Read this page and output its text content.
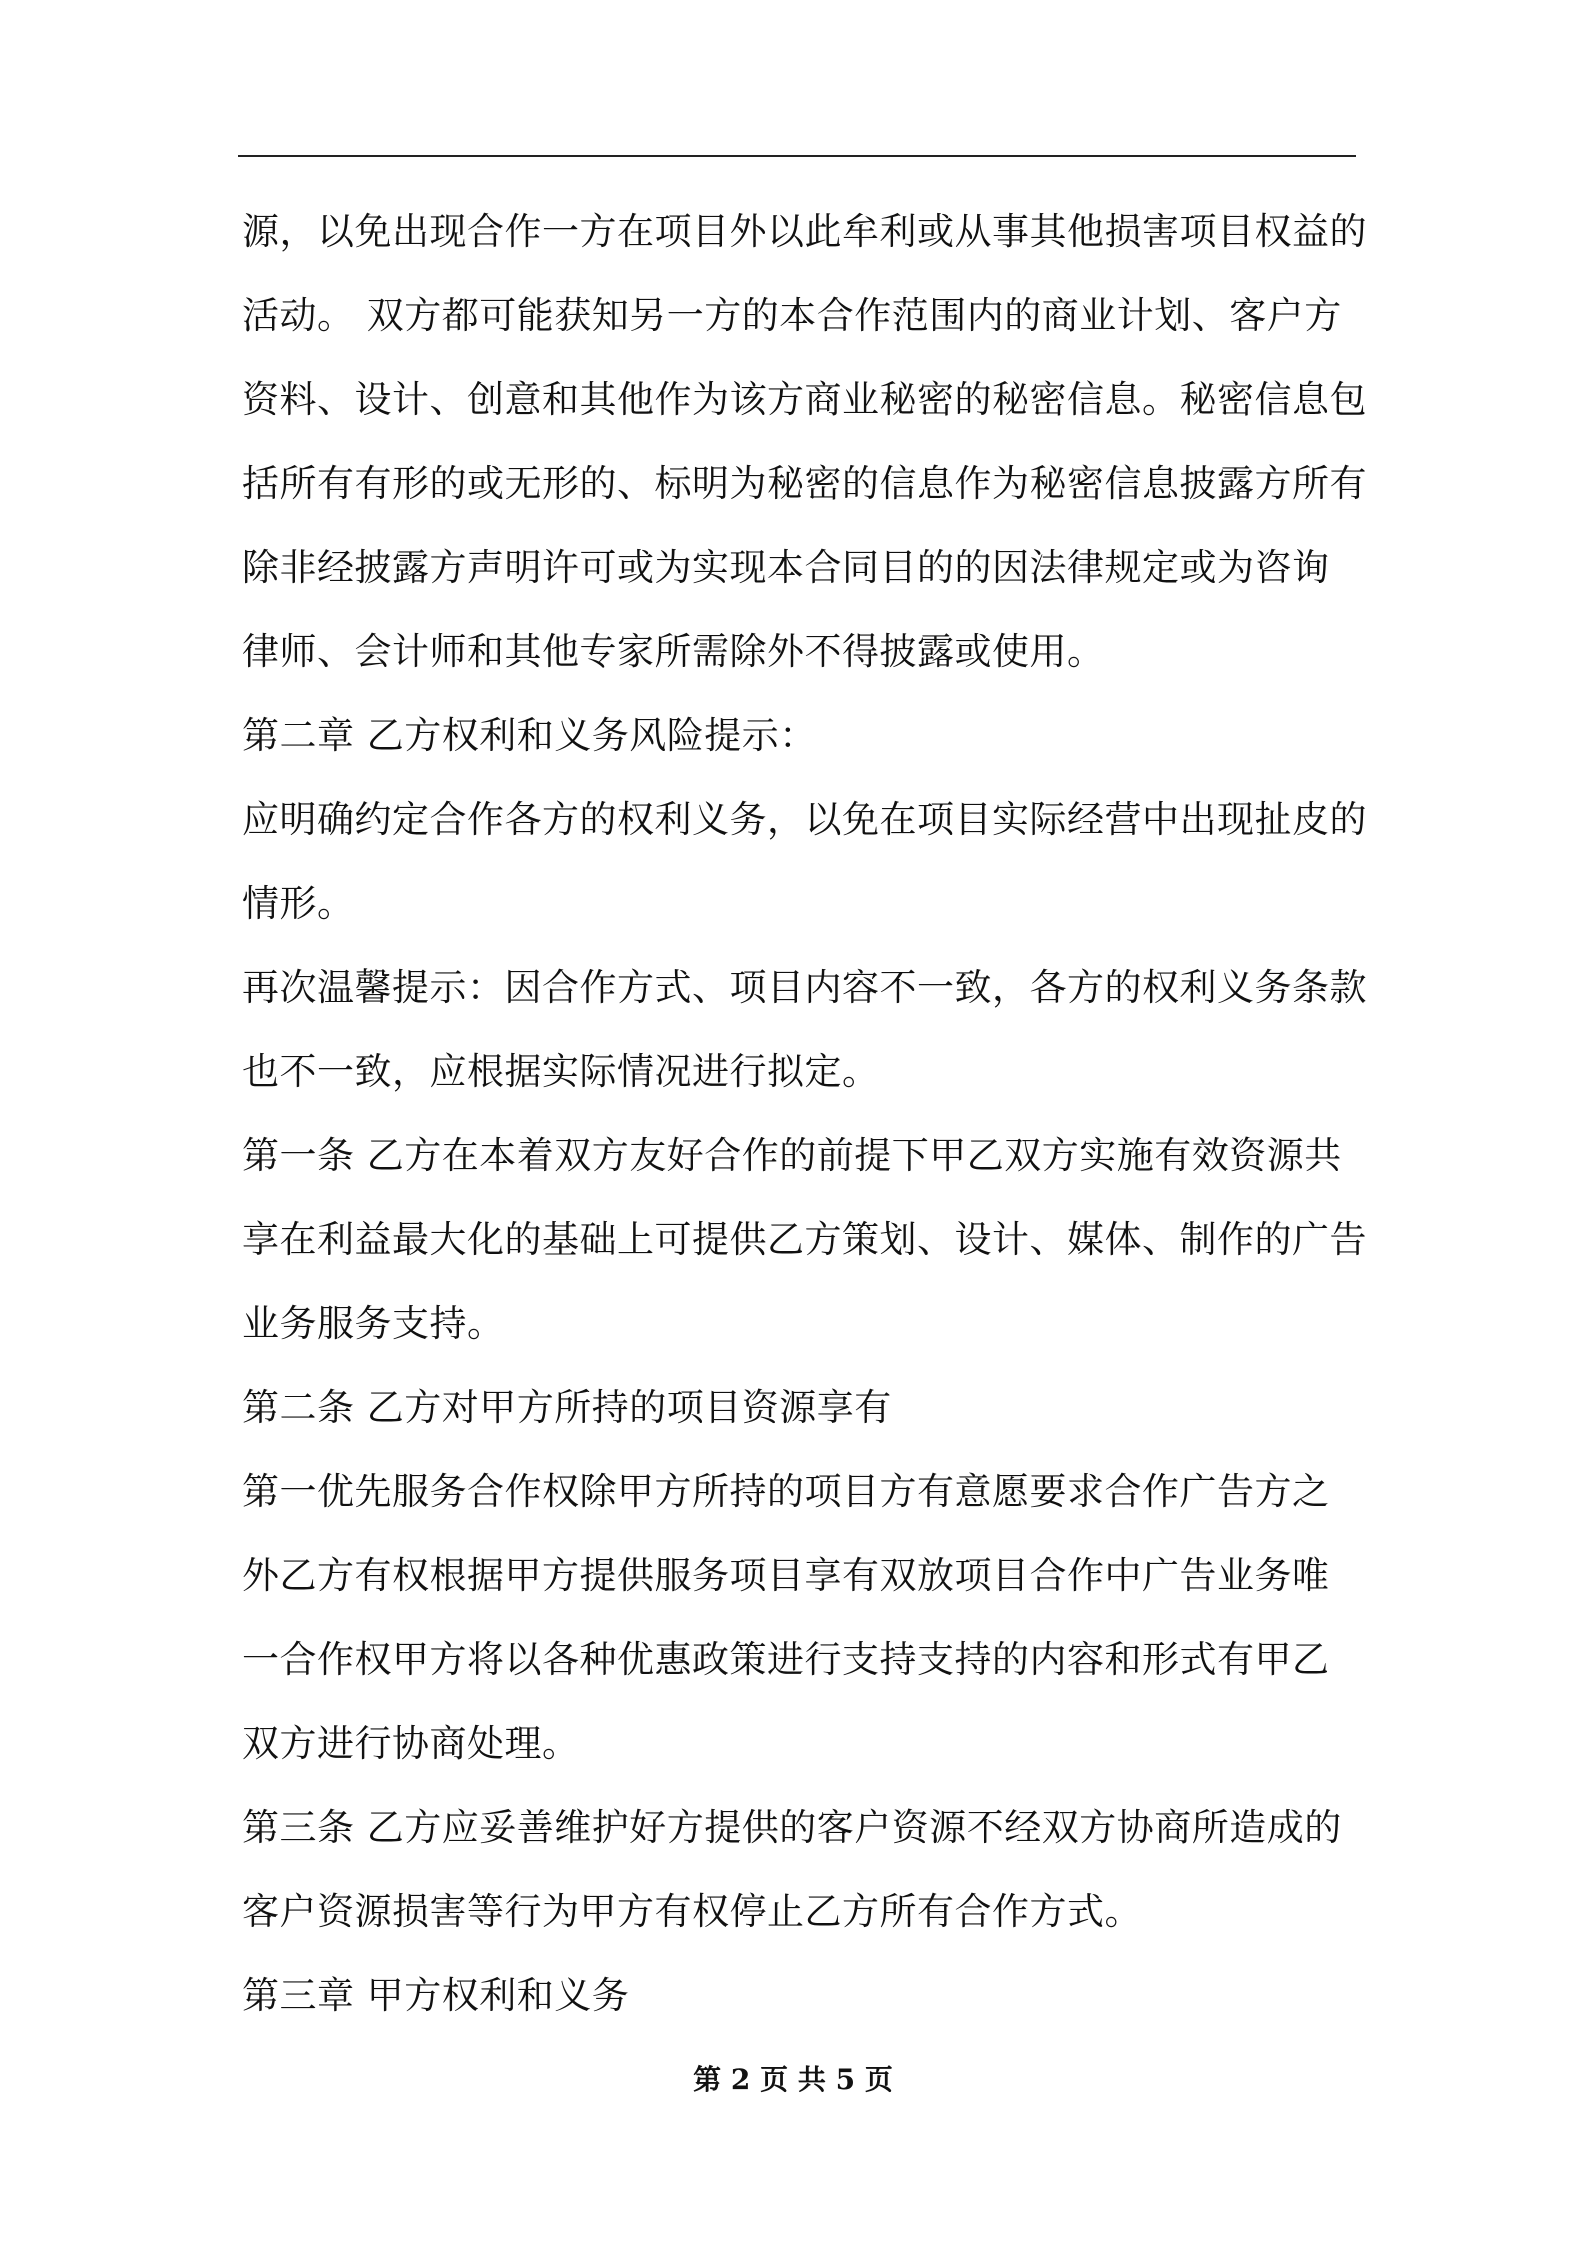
源，以免出现合作一方在项目外以此牟利或从事其他损害项目权益的
活动。 双方都可能获知另一方的本合作范围内的商业计划、客户方
资料、设计、创意和其他作为该方商业秘密的秘密信息。秘密信息包
括所有有形的或无形的、标明为秘密的信息作为秘密信息披露方所有
除非经披露方声明许可或为实现本合同目的的因法律规定或为咨询
律师、会计师和其他专家所需除外不得披露或使用。
第二章 乙方权利和义务风险提示：
应明确约定合作各方的权利义务，以免在项目实际经营中出现扯皮的
情形。
再次温馨提示：因合作方式、项目内容不一致，各方的权利义务条款
也不一致，应根据实际情况进行拟定。
第一条 乙方在本着双方友好合作的前提下甲乙双方实施有效资源共
享在利益最大化的基础上可提供乙方策划、设计、媒体、制作的广告
业务服务支持。
第二条 乙方对甲方所持的项目资源享有
第一优先服务合作权除甲方所持的项目方有意愿要求合作广告方之
外乙方有权根据甲方提供服务项目享有双放项目合作中广告业务唯
一合作权甲方将以各种优惠政策进行支持支持的内容和形式有甲乙
双方进行协商处理。
第三条 乙方应妥善维护好方提供的客户资源不经双方协商所造成的
客户资源损害等行为甲方有权停止乙方所有合作方式。
第三章 甲方权利和义务
第 2 页 共 5 页
